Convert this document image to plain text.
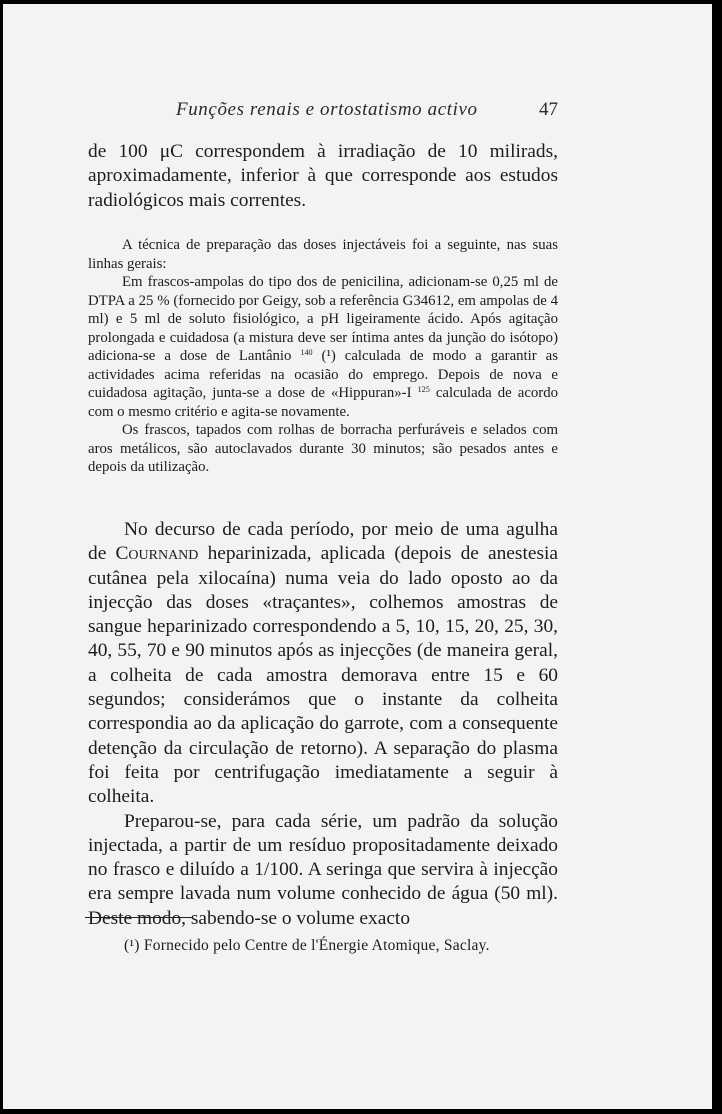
Funções renais e ortostatismo activo	47

de 100 μC correspondem à irradiação de 10 milirads, aproximadamente, inferior à que corresponde aos estudos radiológicos mais correntes.

A técnica de preparação das doses injectáveis foi a seguinte, nas suas linhas gerais:

Em frascos-ampolas do tipo dos de penicilina, adicionam-se 0,25 ml de DTPA a 25 % (fornecido por Geigy, sob a referência G34612, em ampolas de 4 ml) e 5 ml de soluto fisiológico, a pH ligeiramente ácido. Após agitação prolongada e cuidadosa (a mistura deve ser íntima antes da junção do isótopo) adiciona-se a dose de Lantânio $^{140}$ (¹) calculada de modo a garantir as actividades acima referidas na ocasião do emprego. Depois de nova e cuidadosa agitação, junta-se a dose de «Hippuran»-I $^{125}$ calculada de acordo com o mesmo critério e agita-se novamente.

Os frascos, tapados com rolhas de borracha perfuráveis e selados com aros metálicos, são autoclavados durante 30 minutos; são pesados antes e depois da utilização.

No decurso de cada período, por meio de uma agulha de Cournand heparinizada, aplicada (depois de anestesia cutânea pela xilocaína) numa veia do lado oposto ao da injecção das doses «traçantes», colhemos amostras de sangue heparinizado correspondendo a 5, 10, 15, 20, 25, 30, 40, 55, 70 e 90 minutos após as injecções (de maneira geral, a colheita de cada amostra demorava entre 15 e 60 segundos; considerámos que o instante da colheita correspondia ao da aplicação do garrote, com a consequente detenção da circulação de retorno). A separação do plasma foi feita por centrifugação imediatamente a seguir à colheita.

Preparou-se, para cada série, um padrão da solução injectada, a partir de um resíduo propositadamente deixado no frasco e diluído a 1/100. A seringa que servira à injecção era sempre lavada num volume conhecido de água (50 ml). Deste modo, sabendo-se o volume exacto

(¹) Fornecido pelo Centre de l'Énergie Atomique, Saclay.
